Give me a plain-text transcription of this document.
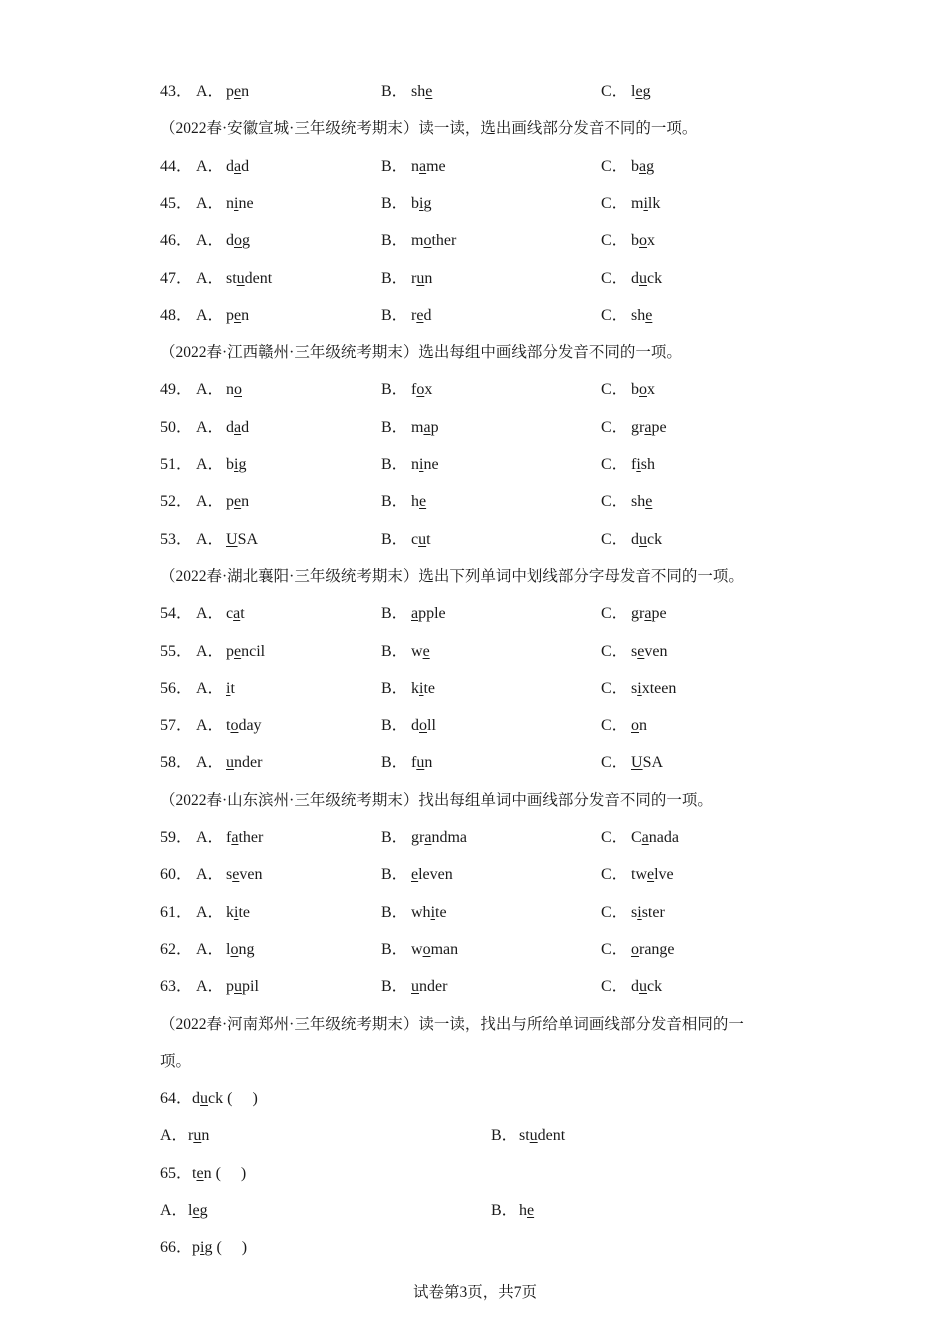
43． A． pen	B． she	C． leg
（2022春·安徽宣城·三年级统考期末）读一读，选出画线部分发音不同的一项。
44． A． dad	B． name	C． bag
45． A． nine	B． big	C． milk
46． A． dog	B． mother	C． box
47． A． student	B． run	C． duck
48． A． pen	B． red	C． she
（2022春·江西赣州·三年级统考期末）选出每组中画线部分发音不同的一项。
49． A． no	B． fox	C． box
50． A． dad	B． map	C． grape
51． A． big	B． nine	C． fish
52． A． pen	B． he	C． she
53． A． USA	B． cut	C． duck
（2022春·湖北襄阳·三年级统考期末）选出下列单词中划线部分字母发音不同的一项。
54． A． cat	B． apple	C． grape
55． A． pencil	B． we	C． seven
56． A． it	B． kite	C． sixteen
57． A． today	B． doll	C． on
58． A． under	B． fun	C． USA
（2022春·山东滨州·三年级统考期末）找出每组单词中画线部分发音不同的一项。
59． A． father	B． grandma	C． Canada
60． A． seven	B． eleven	C． twelve
61． A． kite	B． white	C． sister
62． A． long	B． woman	C． orange
63． A． pupil	B． under	C． duck
（2022春·河南郑州·三年级统考期末）读一读，找出与所给单词画线部分发音相同的一
项。
64．duck (　 )
A．run	B．student
65．ten (　 )
A．leg	B．he
66．pig (　 )
试卷第3页，共7页
